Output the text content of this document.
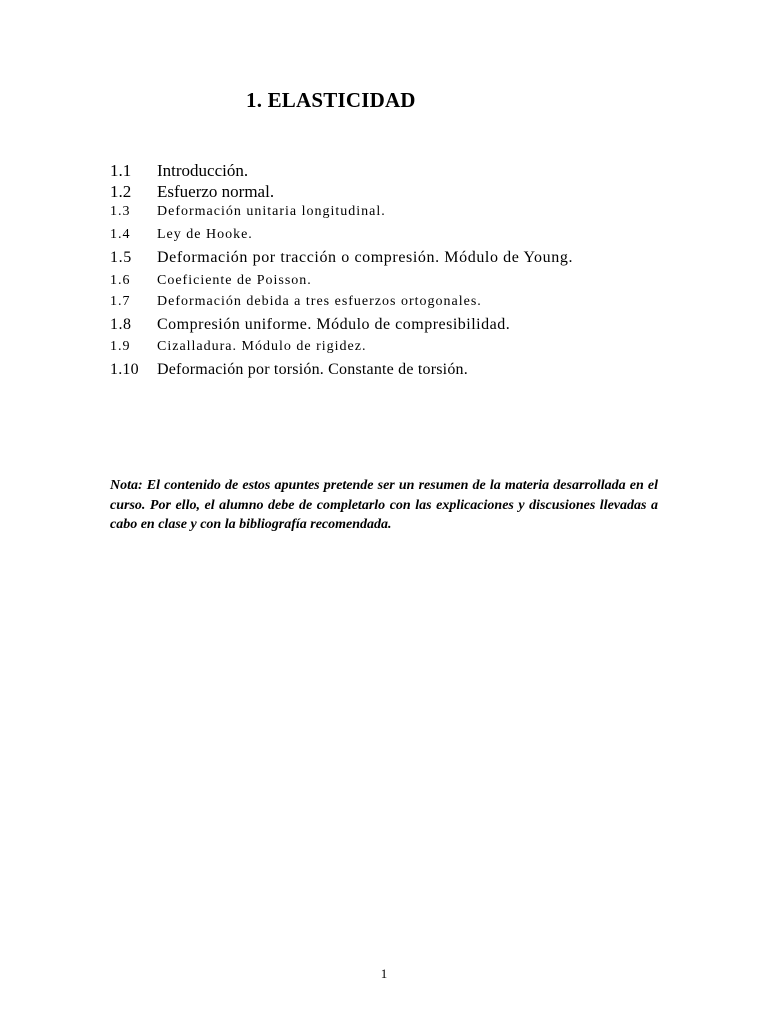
1. ELASTICIDAD
1.1 Introducción.
1.2 Esfuerzo normal.
1.3 Deformación unitaria longitudinal.
1.4 Ley de Hooke.
1.5 Deformación por tracción o compresión. Módulo de Young.
1.6 Coeficiente de Poisson.
1.7 Deformación debida a tres esfuerzos ortogonales.
1.8 Compresión uniforme. Módulo de compresibilidad.
1.9 Cizalladura. Módulo de rigidez.
1.10 Deformación por torsión. Constante de torsión.

Nota: El contenido de estos apuntes pretende ser un resumen de la materia desarrollada en el curso. Por ello, el alumno debe de completarlo con las explicaciones y discusiones llevadas a cabo en clase y con la bibliografía recomendada.

1
